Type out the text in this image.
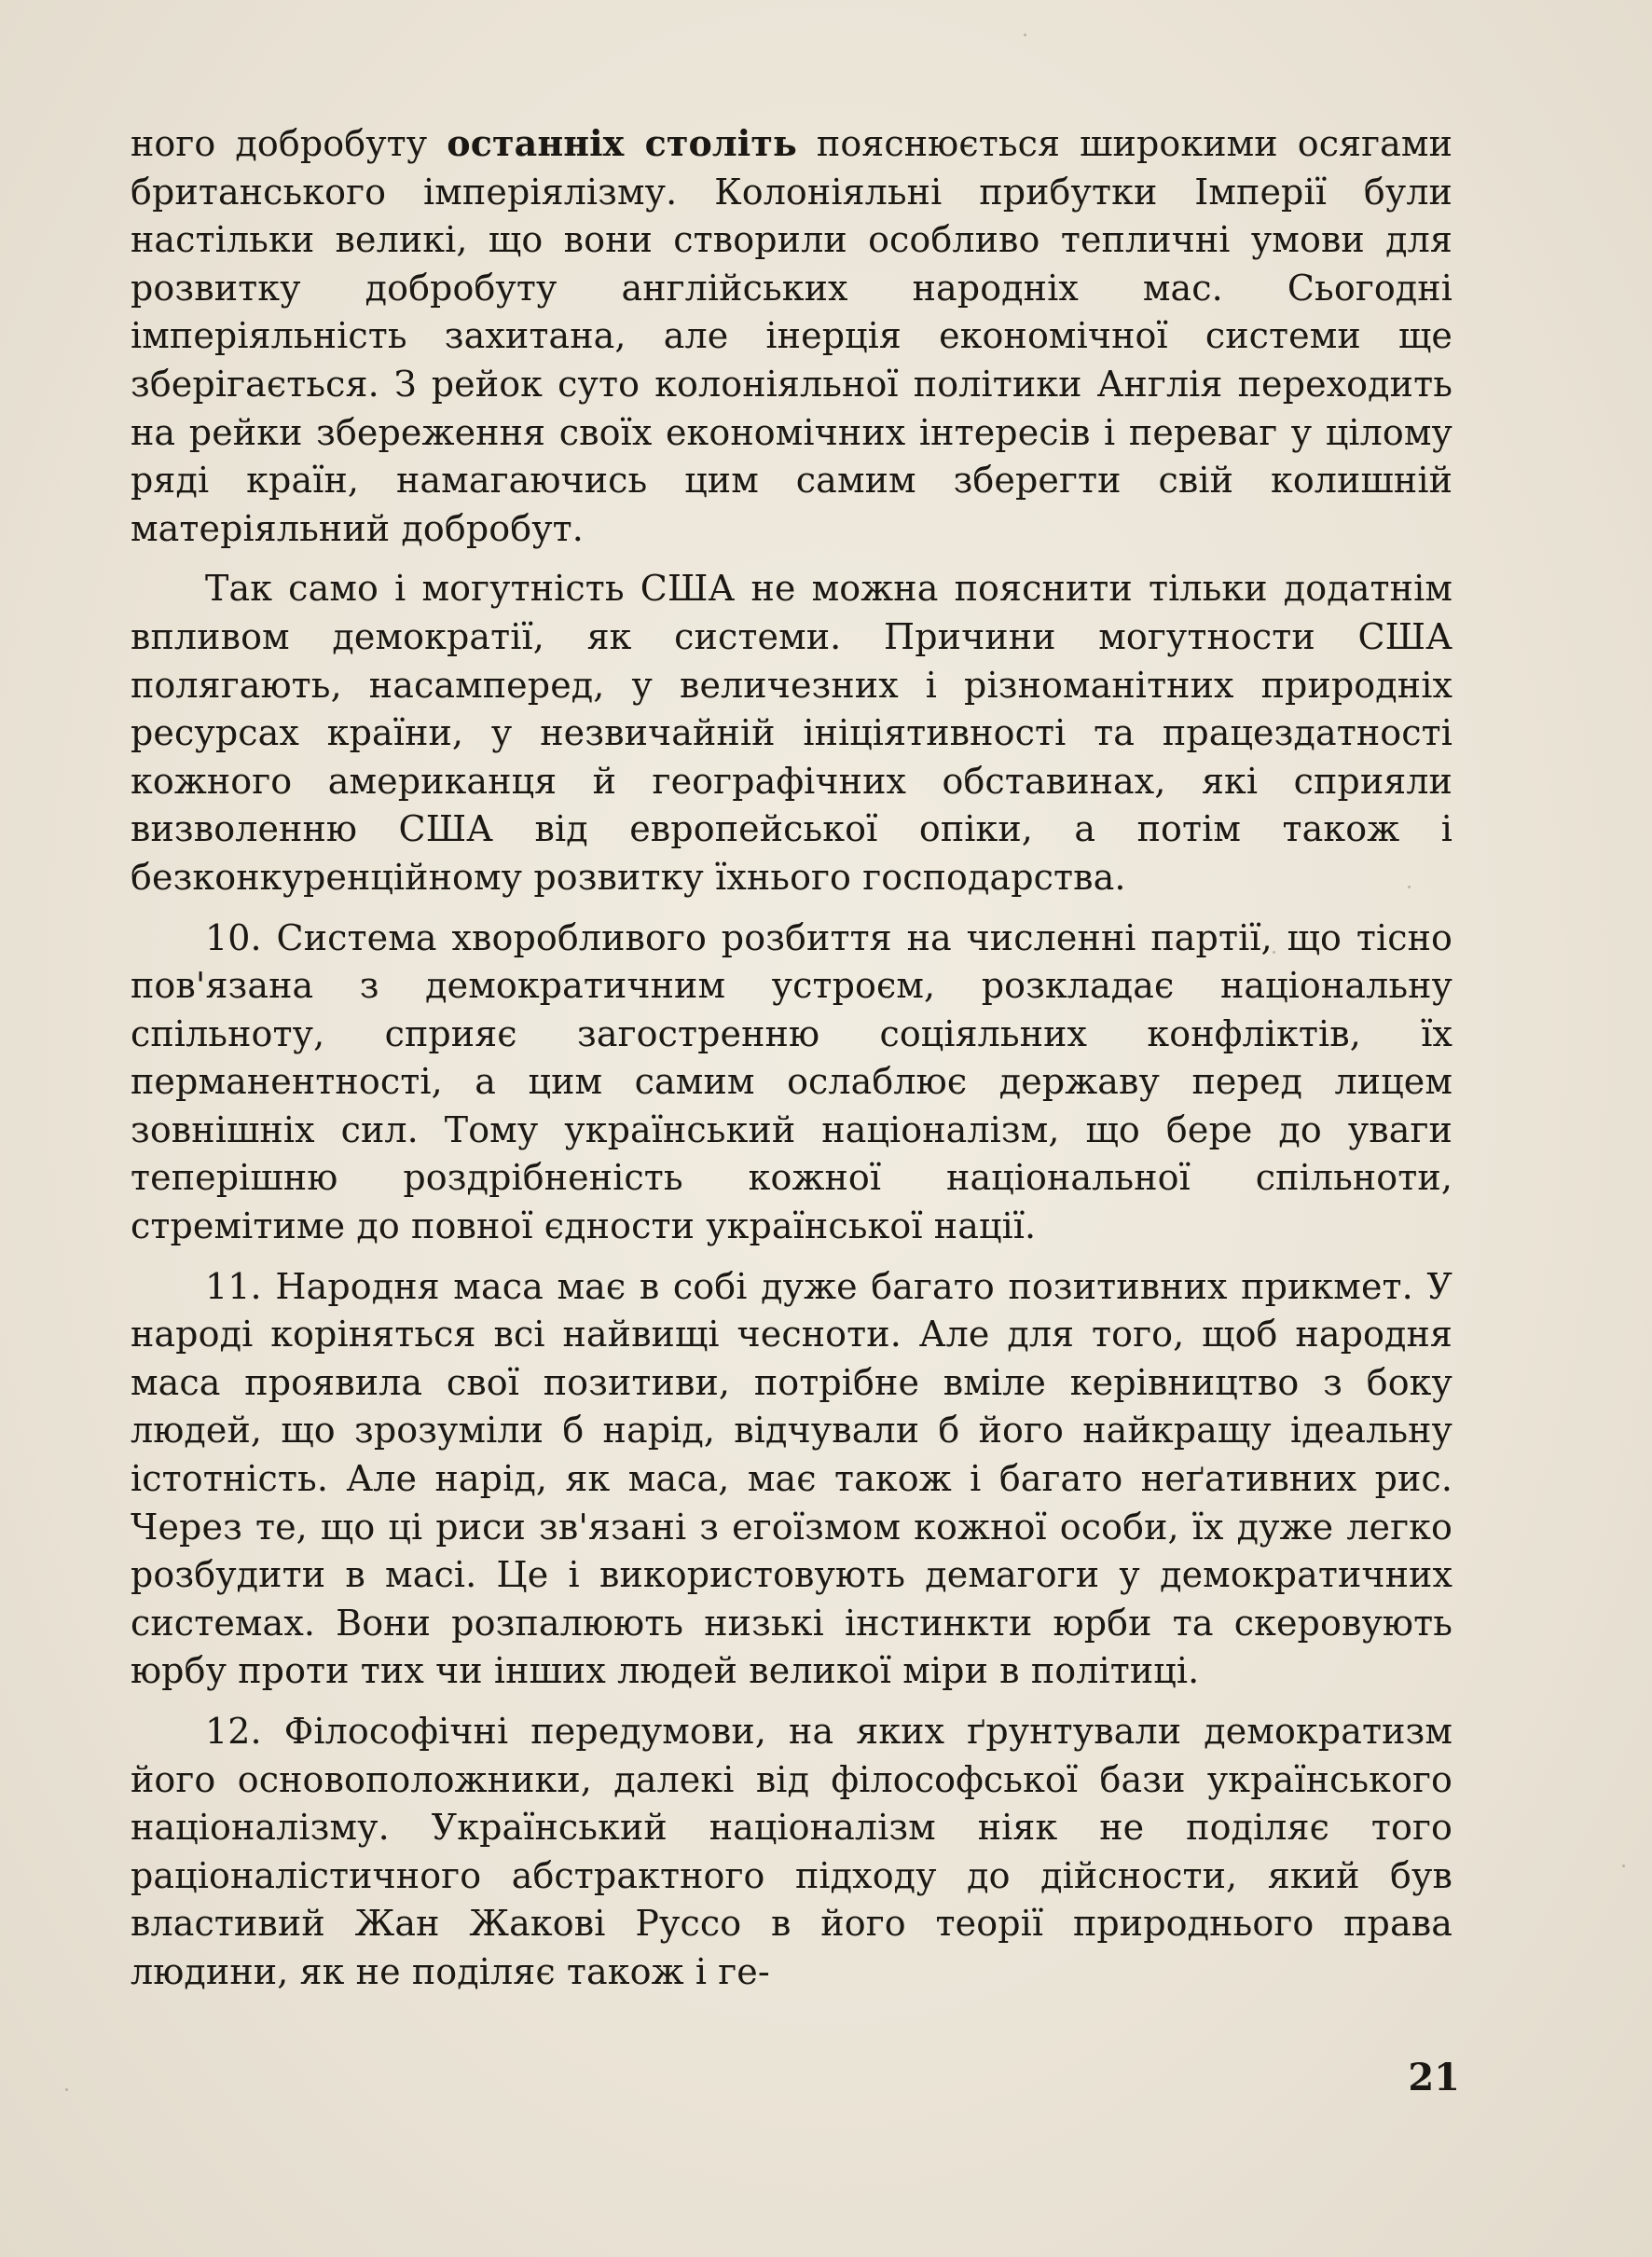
ного добробуту останніх століть пояснюється широкими осягами британського імперіялізму. Колоніяльні прибутки Імперії були настільки великі, що вони створили особливо тепличні умови для розвитку добробуту англійських народніх мас. Сьогодні імперіяльність захитана, але інерція економічної системи ще зберігається. З рейок суто колоніяльної політики Англія переходить на рейки збереження своїх економічних інтересів і переваг у цілому ряді країн, намагаючись цим самим зберегти свій колишній матеріяльний добробут.

Так само і могутність США не можна пояснити тільки додатнім впливом демократії, як системи. Причини могутности США полягають, насамперед, у величезних і різноманітних природніх ресурсах країни, у незвичайній ініціятивності та працездатності кожного американця й географічних обставинах, які сприяли визволенню США від европейської опіки, а потім також і безконкуренційному розвитку їхнього господарства.

10. Система хворобливого розбиття на численні партії, що тісно пов'язана з демократичним устроєм, розкладає національну спільноту, сприяє загостренню соціяльних конфліктів, їх перманентності, а цим самим ослаблює державу перед лицем зовнішніх сил. Тому український націоналізм, що бере до уваги теперішню роздрібненість кожної національної спільноти, стремітиме до повної єдности української нації.

11. Народня маса має в собі дуже багато позитивних прикмет. У народі коріняться всі найвищі чесноти. Але для того, щоб народня маса проявила свої позитиви, потрібне вміле керівництво з боку людей, що зрозуміли б нарід, відчували б його найкращу ідеальну істотність. Але нарід, як маса, має також і багато неґативних рис. Через те, що ці риси зв'язані з егоїзмом кожної особи, їх дуже легко розбудити в масі. Це і використовують демагоги у демократичних системах. Вони розпалюють низькі інстинкти юрби та скеровують юрбу проти тих чи інших людей великої міри в політиці.

12. Філософічні передумови, на яких ґрунтували демократизм його основоположники, далекі від філософської бази українського націоналізму. Український націоналізм ніяк не поділяє того раціоналістичного абстрактного підходу до дійсности, який був властивий Жан Жакові Руссо в його теорії природнього права людини, як не поділяє також і ге-

21
